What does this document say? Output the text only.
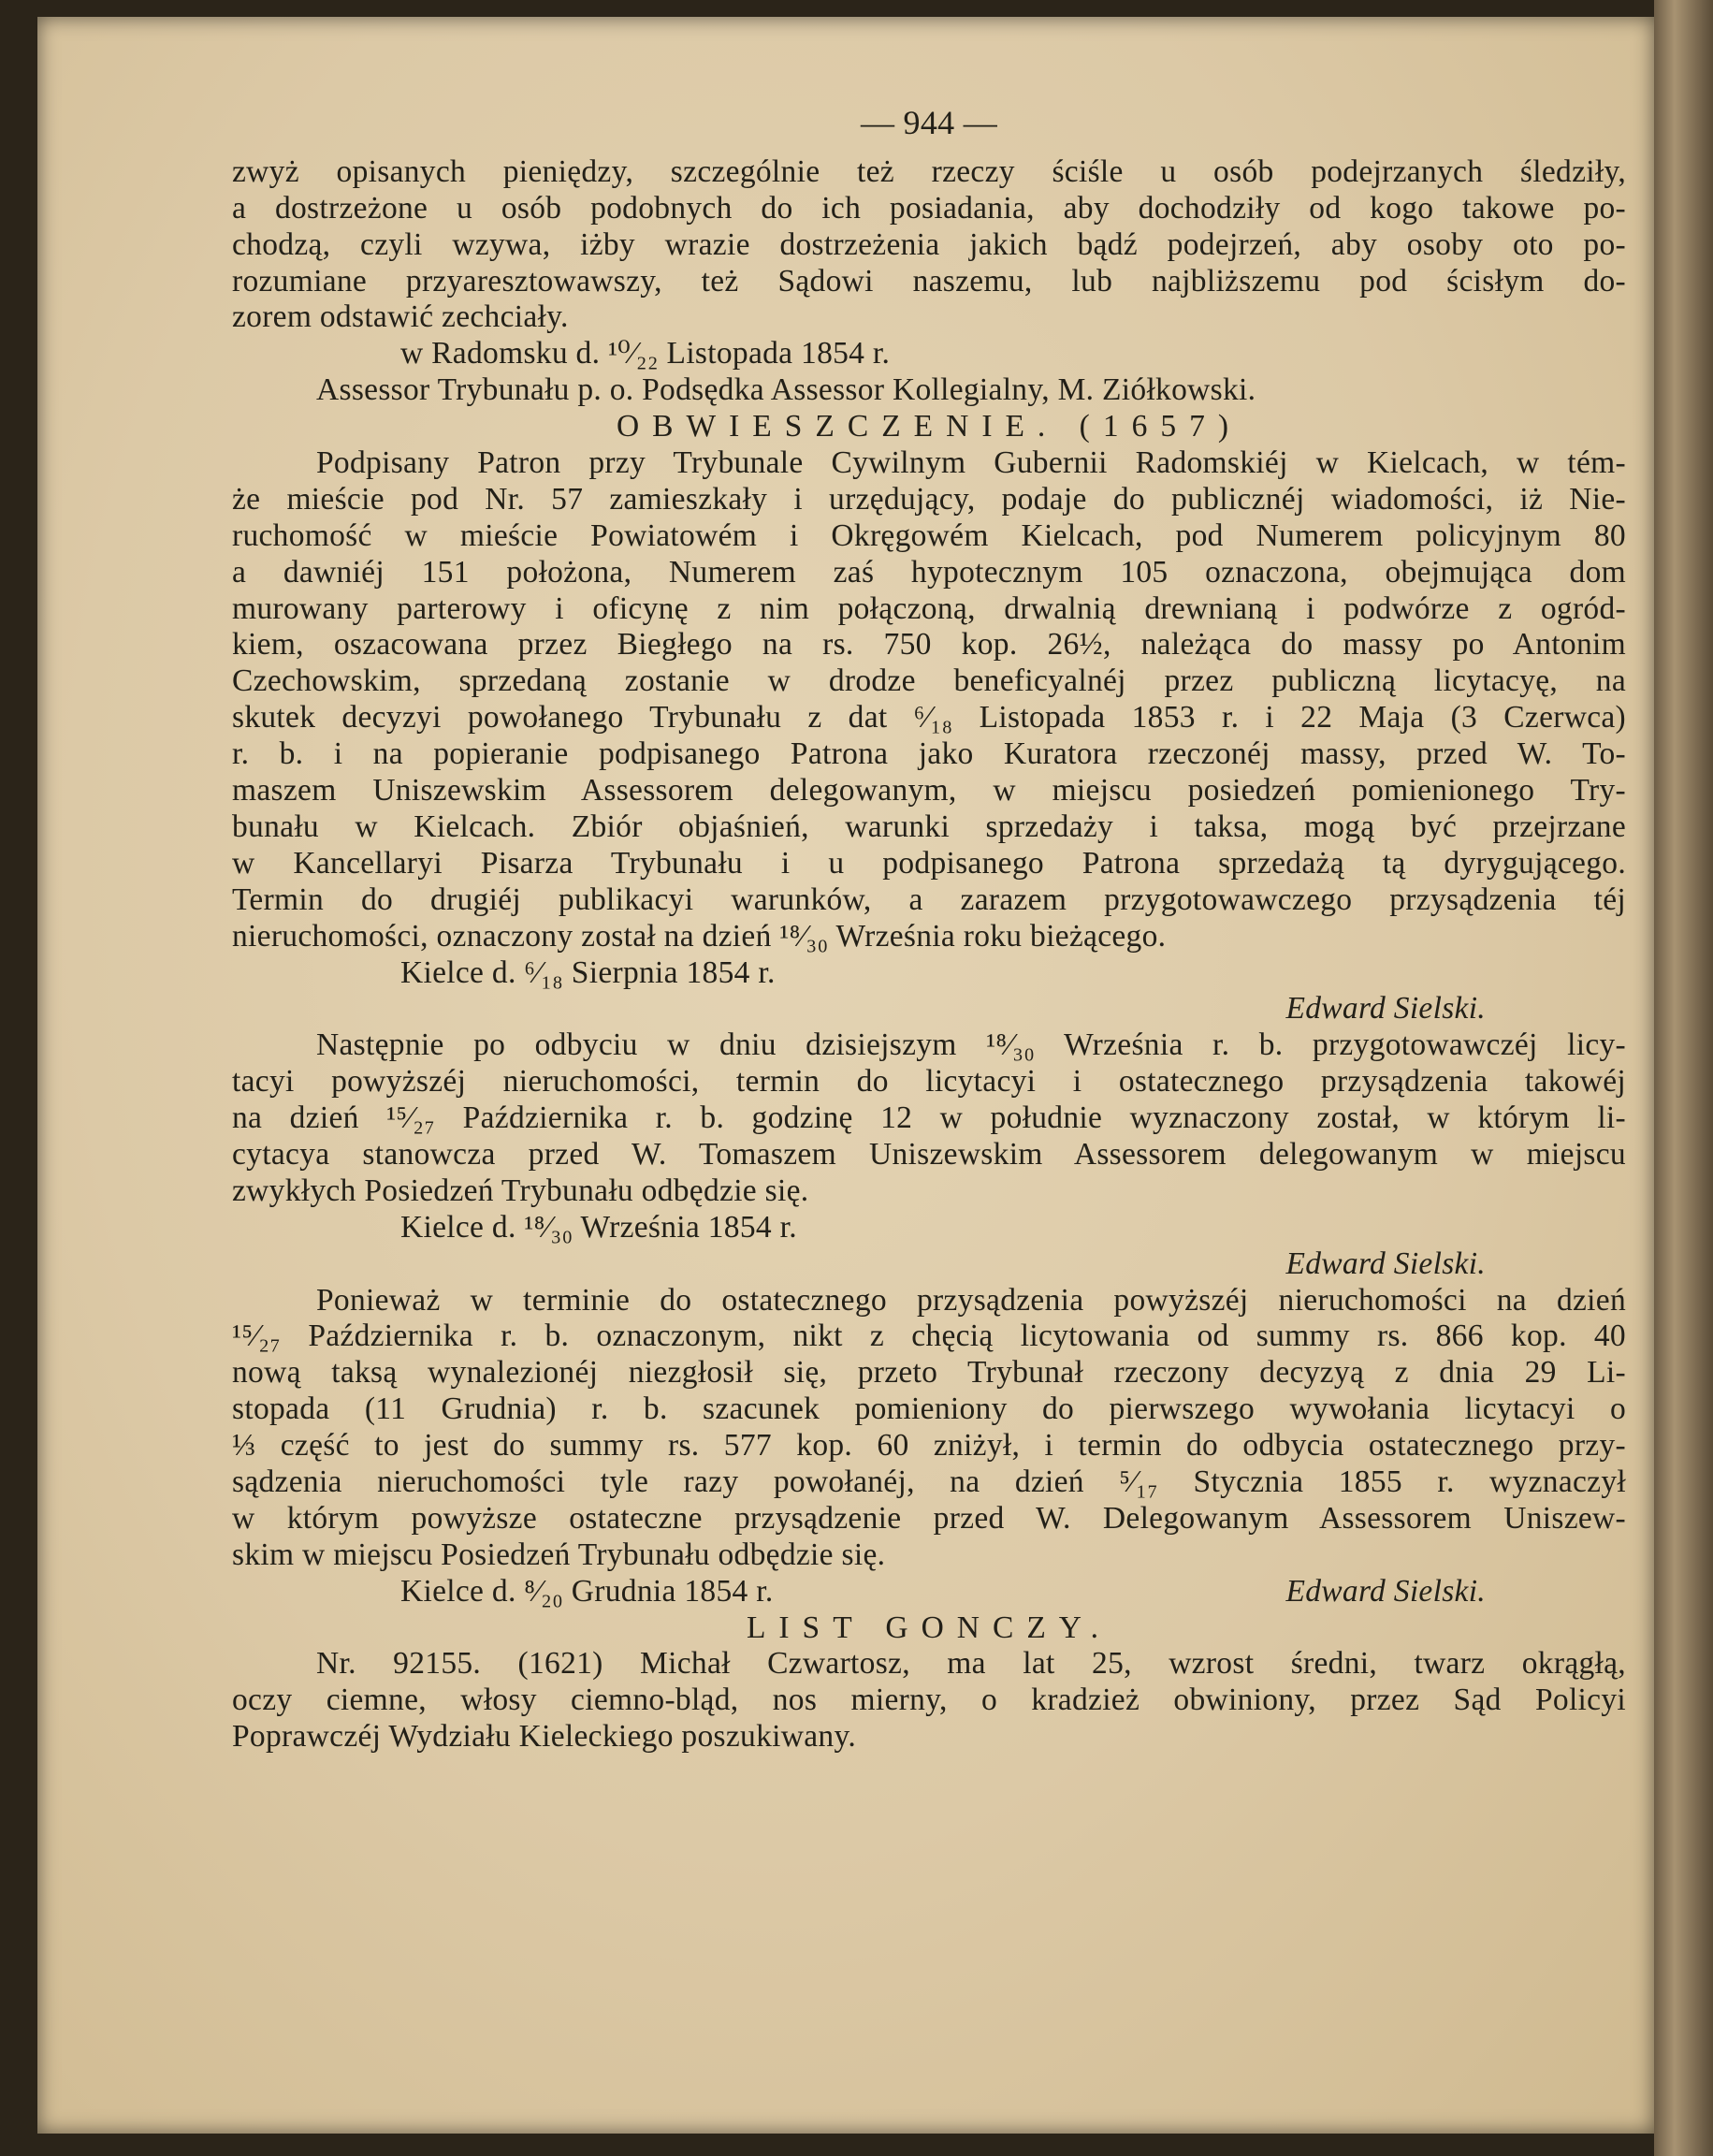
— 944 —
zwyż opisanych pieniędzy, szczególnie też rzeczy ściśle u osób podejrzanych śledziły,
a dostrzeżone u osób podobnych do ich posiadania, aby dochodziły od kogo takowe po-
chodzą, czyli wzywa, iżby wrazie dostrzeżenia jakich bądź podejrzeń, aby osoby oto po-
rozumiane przyaresztowawszy, też Sądowi naszemu, lub najbliższemu pod ścisłym do-
zorem odstawić zechciały.
w Radomsku d. ¹⁰⁄₂₂ Listopada 1854 r.
Assessor Trybunału p. o. Podsędka Assessor Kollegialny, M. Ziółkowski.
OBWIESZCZENIE. (1657)
Podpisany Patron przy Trybunale Cywilnym Gubernii Radomskiéj w Kielcach, w tém-
że mieście pod Nr. 57 zamieszkały i urzędujący, podaje do publicznéj wiadomości, iż Nie-
ruchomość w mieście Powiatowém i Okręgowém Kielcach, pod Numerem policyjnym 80
a dawniéj 151 położona, Numerem zaś hypotecznym 105 oznaczona, obejmująca dom
murowany parterowy i oficynę z nim połączoną, drwalnią drewnianą i podwórze z ogród-
kiem, oszacowana przez Biegłego na rs. 750 kop. 26½, należąca do massy po Antonim
Czechowskim, sprzedaną zostanie w drodze beneficyalnéj przez publiczną licytacyę, na
skutek decyzyi powołanego Trybunału z dat ⁶⁄₁₈ Listopada 1853 r. i 22 Maja (3 Czerwca)
r. b. i na popieranie podpisanego Patrona jako Kuratora rzeczonéj massy, przed W. To-
maszem Uniszewskim Assessorem delegowanym, w miejscu posiedzeń pomienionego Try-
bunału w Kielcach. Zbiór objaśnień, warunki sprzedaży i taksa, mogą być przejrzane
w Kancellaryi Pisarza Trybunału i u podpisanego Patrona sprzedażą tą dyrygującego.
Termin do drugiéj publikacyi warunków, a zarazem przygotowawczego przysądzenia téj
nieruchomości, oznaczony został na dzień ¹⁸⁄₃₀ Września roku bieżącego.
Kielce d. ⁶⁄₁₈ Sierpnia 1854 r.
Edward Sielski.
Następnie po odbyciu w dniu dzisiejszym ¹⁸⁄₃₀ Września r. b. przygotowawczéj licy-
tacyi powyższéj nieruchomości, termin do licytacyi i ostatecznego przysądzenia takowéj
na dzień ¹⁵⁄₂₇ Października r. b. godzinę 12 w południe wyznaczony został, w którym li-
cytacya stanowcza przed W. Tomaszem Uniszewskim Assessorem delegowanym w miejscu
zwykłych Posiedzeń Trybunału odbędzie się.
Kielce d. ¹⁸⁄₃₀ Września 1854 r.
Edward Sielski.
Ponieważ w terminie do ostatecznego przysądzenia powyższéj nieruchomości na dzień
¹⁵⁄₂₇ Października r. b. oznaczonym, nikt z chęcią licytowania od summy rs. 866 kop. 40
nową taksą wynalezionéj niezgłosił się, przeto Trybunał rzeczony decyzyą z dnia 29 Li-
stopada (11 Grudnia) r. b. szacunek pomieniony do pierwszego wywołania licytacyi o
⅓ część to jest do summy rs. 577 kop. 60 zniżył, i termin do odbycia ostatecznego przy-
sądzenia nieruchomości tyle razy powołanéj, na dzień ⁵⁄₁₇ Stycznia 1855 r. wyznaczył
w którym powyższe ostateczne przysądzenie przed W. Delegowanym Assessorem Uniszew-
skim w miejscu Posiedzeń Trybunału odbędzie się.
Kielce d. ⁸⁄₂₀ Grudnia 1854 r.	Edward Sielski.
LIST GONCZY.
Nr. 92155. (1621) Michał Czwartosz, ma lat 25, wzrost średni, twarz okrągłą,
oczy ciemne, włosy ciemno-bląd, nos mierny, o kradzież obwiniony, przez Sąd Policyi
Poprawczéj Wydziału Kieleckiego poszukiwany.
